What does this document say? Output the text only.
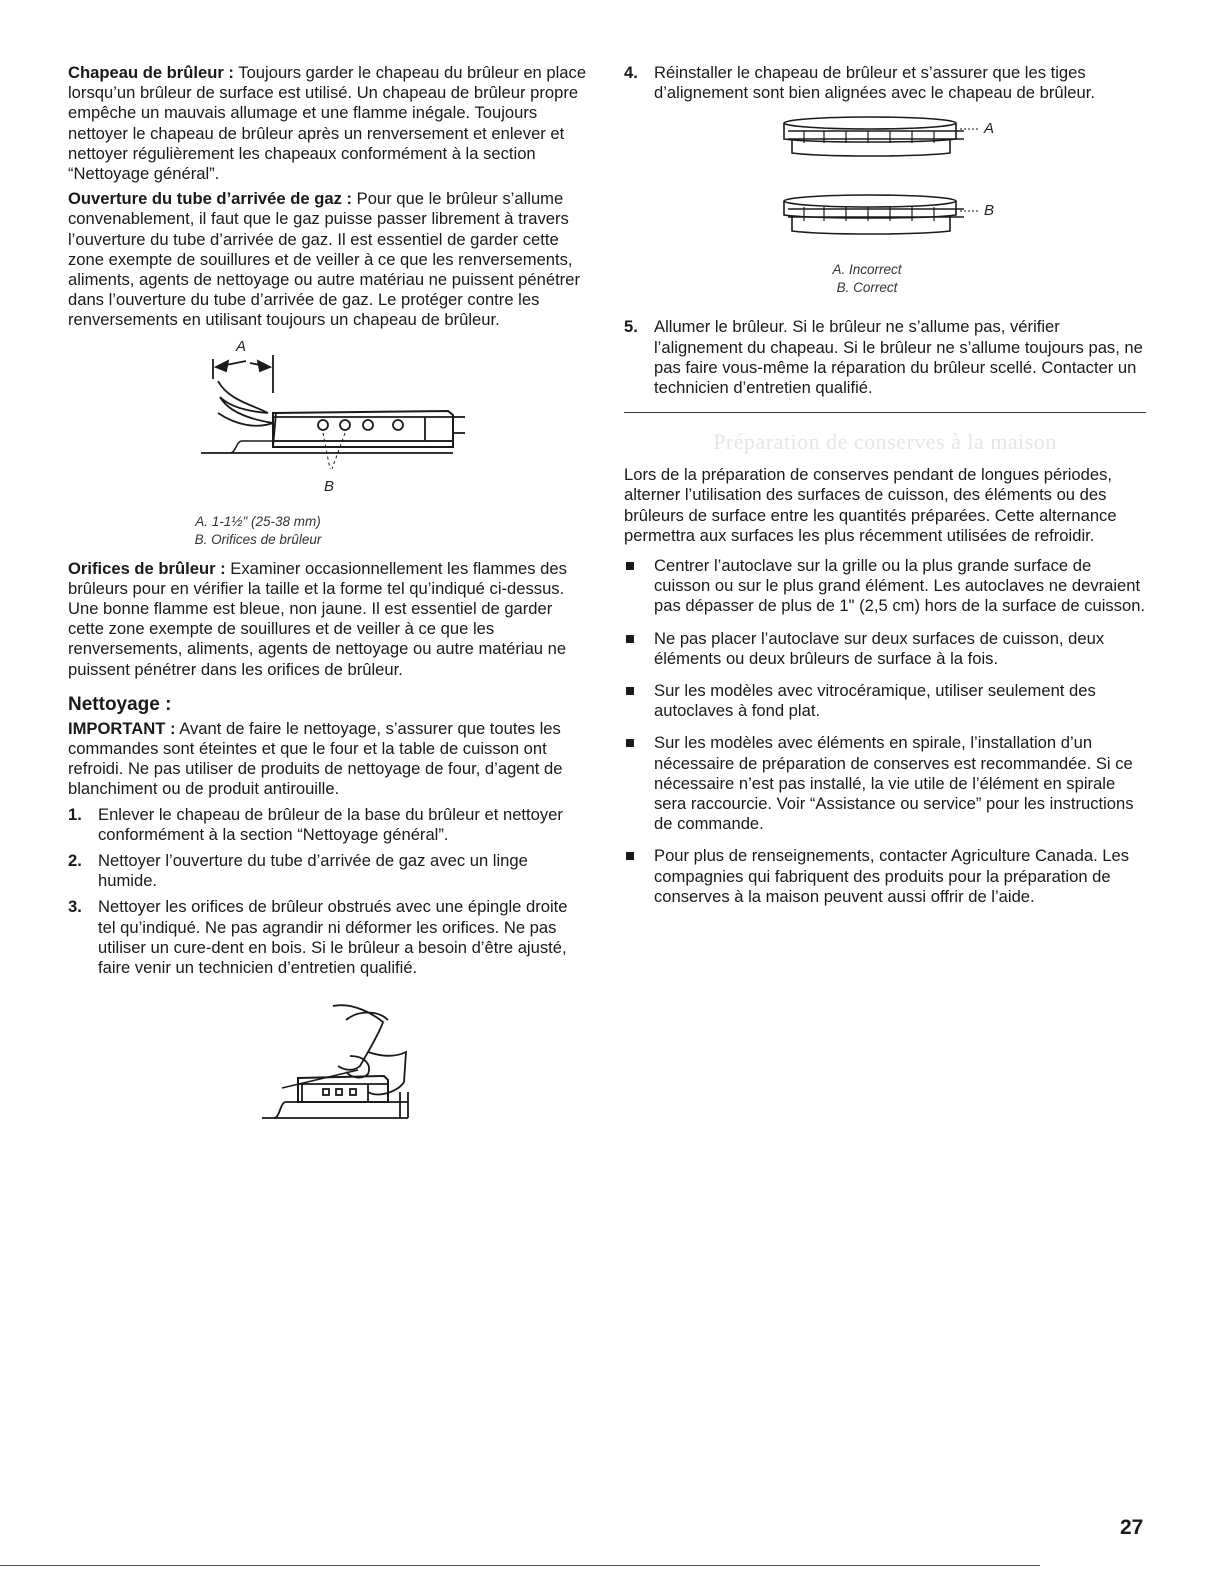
Chapeau de brûleur : Toujours garder le chapeau du brûleur en place lorsqu’un brûleur de surface est utilisé. Un chapeau de brûleur propre empêche un mauvais allumage et une flamme inégale. Toujours nettoyer le chapeau de brûleur après un renversement et enlever et nettoyer régulièrement les chapeaux conformément à la section “Nettoyage général”.

Ouverture du tube d’arrivée de gaz : Pour que le brûleur s’allume convenablement, il faut que le gaz puisse passer librement à travers l’ouverture du tube d’arrivée de gaz. Il est essentiel de garder cette zone exempte de souillures et de veiller à ce que les renversements, aliments, agents de nettoyage ou autre matériau ne puissent pénétrer dans l’ouverture du tube d’arrivée de gaz. Le protéger contre les renversements en utilisant toujours un chapeau de brûleur.

A
B
A. 1-1½" (25-38 mm)
B. Orifices de brûleur

Orifices de brûleur : Examiner occasionnellement les flammes des brûleurs pour en vérifier la taille et la forme tel qu’indiqué ci-dessus. Une bonne flamme est bleue, non jaune. Il est essentiel de garder cette zone exempte de souillures et de veiller à ce que les renversements, aliments, agents de nettoyage ou autre matériau ne puissent pénétrer dans les orifices de brûleur.

Nettoyage :

IMPORTANT : Avant de faire le nettoyage, s’assurer que toutes les commandes sont éteintes et que le four et la table de cuisson ont refroidi. Ne pas utiliser de produits de nettoyage de four, d’agent de blanchiment ou de produit antirouille.

1. Enlever le chapeau de brûleur de la base du brûleur et nettoyer conformément à la section “Nettoyage général”.
2. Nettoyer l’ouverture du tube d’arrivée de gaz avec un linge humide.
3. Nettoyer les orifices de brûleur obstrués avec une épingle droite tel qu’indiqué. Ne pas agrandir ni déformer les orifices. Ne pas utiliser un cure-dent en bois. Si le brûleur a besoin d’être ajusté, faire venir un technicien d’entretien qualifié.
4. Réinstaller le chapeau de brûleur et s’assurer que les tiges d’alignement sont bien alignées avec le chapeau de brûleur.
A
B
A. Incorrect
B. Correct
5. Allumer le brûleur. Si le brûleur ne s’allume pas, vérifier l’alignement du chapeau. Si le brûleur ne s’allume toujours pas, ne pas faire vous-même la réparation du brûleur scellé. Contacter un technicien d’entretien qualifié.
Préparation de conserves à la maison

Lors de la préparation de conserves pendant de longues périodes, alterner l’utilisation des surfaces de cuisson, des éléments ou des brûleurs de surface entre les quantités préparées. Cette alternance permettra aux surfaces les plus récemment utilisées de refroidir.

Centrer l’autoclave sur la grille ou la plus grande surface de cuisson ou sur le plus grand élément. Les autoclaves ne devraient pas dépasser de plus de 1" (2,5 cm) hors de la surface de cuisson.
Ne pas placer l’autoclave sur deux surfaces de cuisson, deux éléments ou deux brûleurs de surface à la fois.
Sur les modèles avec vitrocéramique, utiliser seulement des autoclaves à fond plat.
Sur les modèles avec éléments en spirale, l’installation d’un nécessaire de préparation de conserves est recommandée. Si ce nécessaire n’est pas installé, la vie utile de l’élément en spirale sera raccourcie. Voir “Assistance ou service” pour les instructions de commande.
Pour plus de renseignements, contacter Agriculture Canada. Les compagnies qui fabriquent des produits pour la préparation de conserves à la maison peuvent aussi offrir de l’aide.
27
